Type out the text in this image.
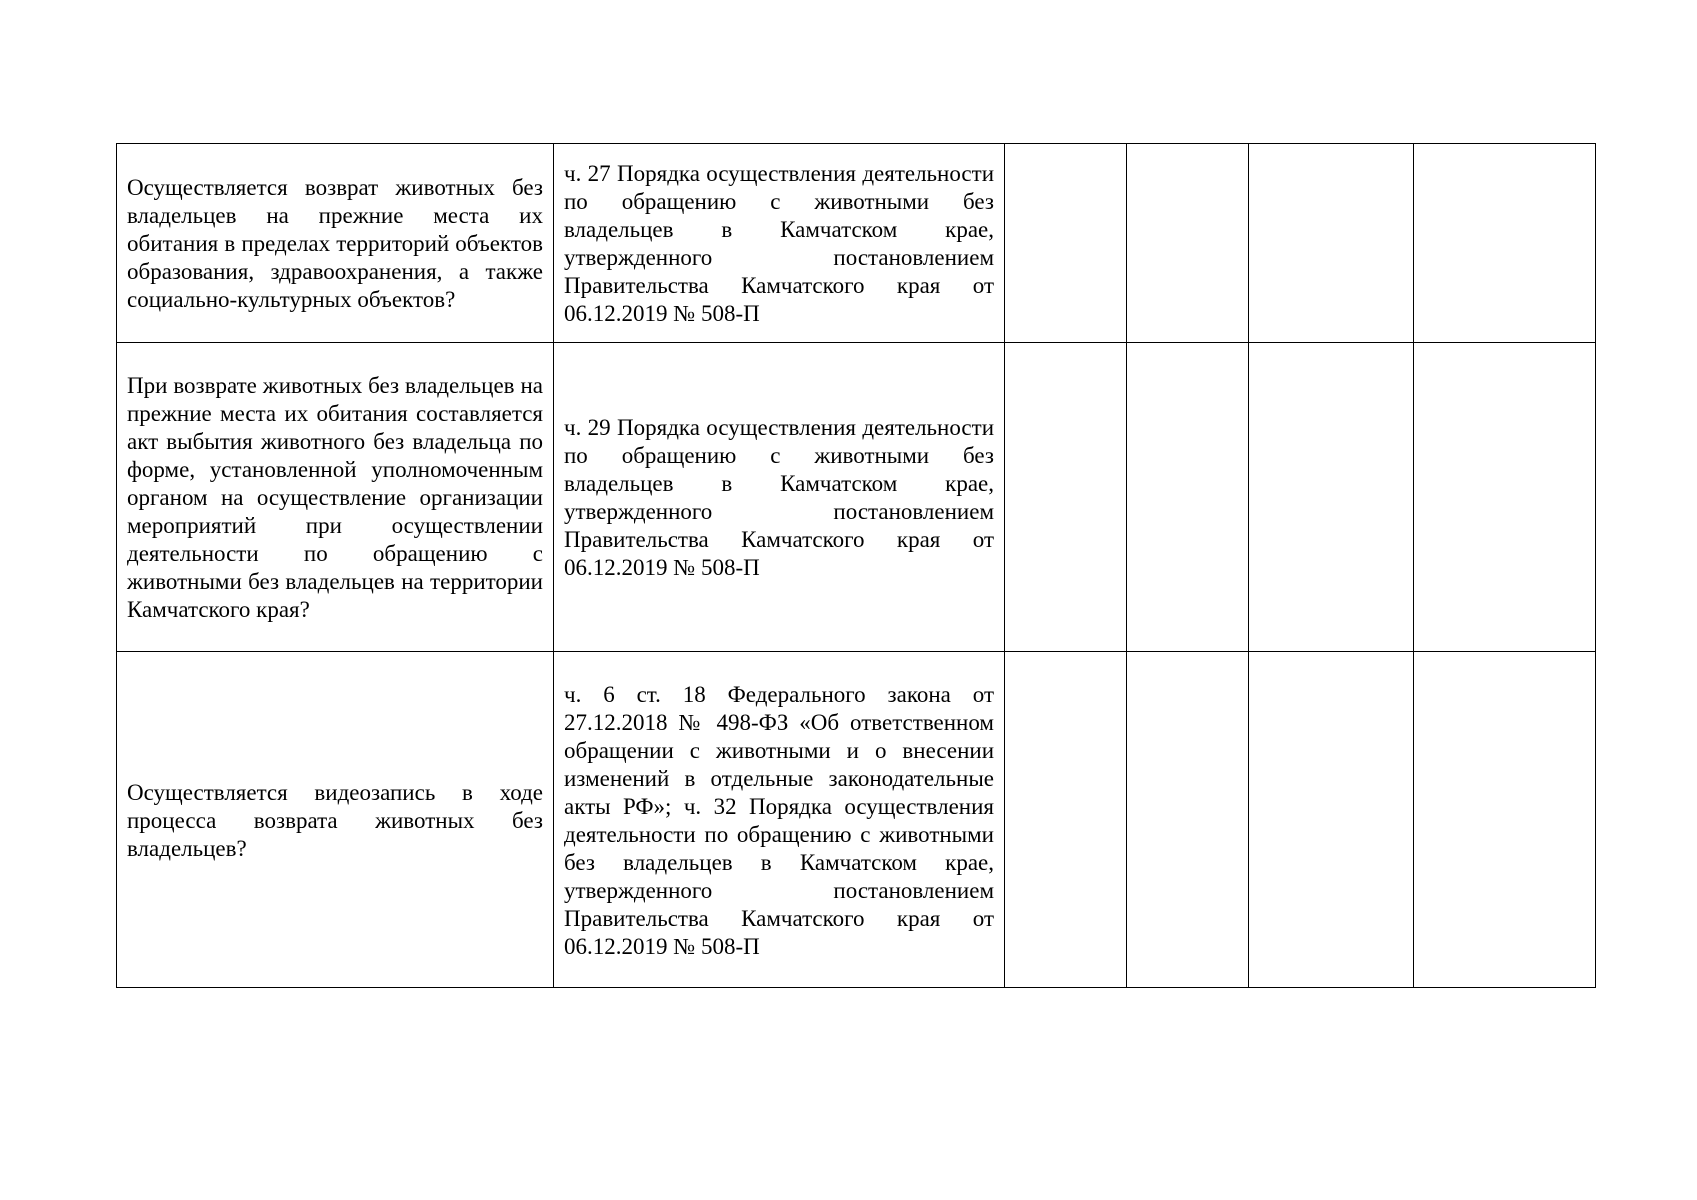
Осуществляется возврат животных без владельцев на прежние места их обитания в пределах территорий объектов образования, здравоохранения, а также социально-культурных объектов?	ч. 27 Порядка осуществления деятельности по обращению с животными без владельцев в Камчатском крае, утвержденного постановлением Правительства Камчатского края от 06.12.2019 № 508-П				

При возврате животных без владельцев на прежние места их обитания составляется акт выбытия животного без владельца по форме, установленной уполномоченным органом на осуществление организации мероприятий при осуществлении деятельности по обращению с животными без владельцев на территории Камчатского края?	ч. 29 Порядка осуществления деятельности по обращению с животными без владельцев в Камчатском крае, утвержденного постановлением Правительства Камчатского края от 06.12.2019 № 508-П				

Осуществляется видеозапись в ходе процесса возврата животных без владельцев?	ч. 6 ст. 18 Федерального закона от 27.12.2018 № 498-ФЗ «Об ответственном обращении с животными и о внесении изменений в отдельные законодательные акты РФ»; ч. 32 Порядка осуществления деятельности по обращению с животными без владельцев в Камчатском крае, утвержденного постановлением Правительства Камчатского края от 06.12.2019 № 508-П				
